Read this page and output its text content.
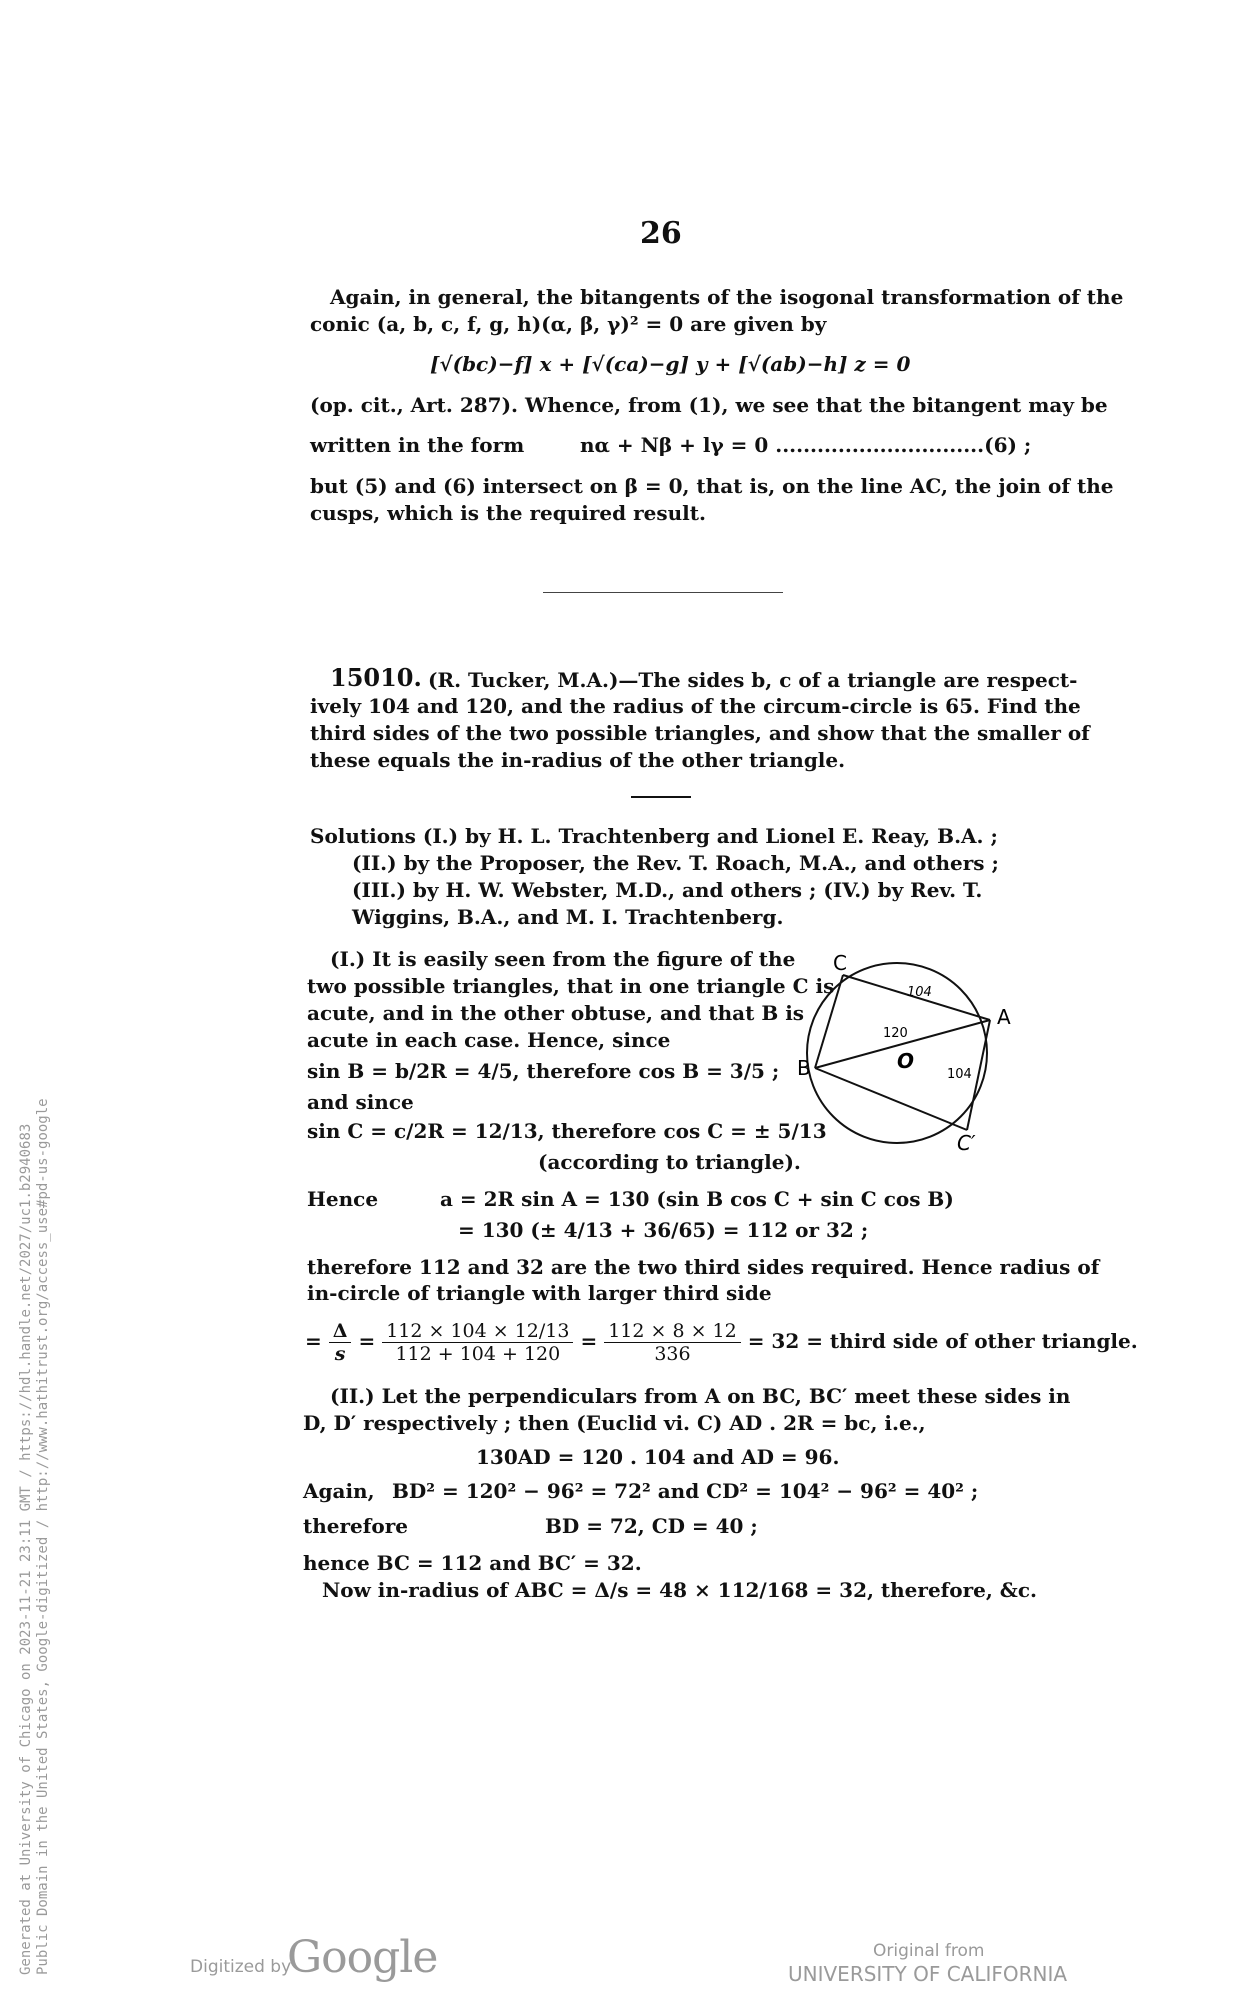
26
Again, in general, the bitangents of the isogonal transformation of the
conic (a, b, c, f, g, h)(α, β, γ)² = 0 are given by
[√(bc)−f] x + [√(ca)−g] y + [√(ab)−h] z = 0
(op. cit., Art. 287). Whence, from (1), we see that the bitangent may be
written in the form	nα + Nβ + lγ = 0 ..............................(6) ;
but (5) and (6) intersect on β = 0, that is, on the line AC, the join of the
cusps, which is the required result.
15010. (R. Tucker, M.A.)—The sides b, c of a triangle are respect-
ively 104 and 120, and the radius of the circum-circle is 65. Find the
third sides of the two possible triangles, and show that the smaller of
these equals the in-radius of the other triangle.
Solutions (I.) by H. L. Trachtenberg and Lionel E. Reay, B.A. ;
(II.) by the Proposer, the Rev. T. Roach, M.A., and others ;
(III.) by H. W. Webster, M.D., and others ; (IV.) by Rev. T.
Wiggins, B.A., and M. I. Trachtenberg.
(I.) It is easily seen from the figure of the
two possible triangles, that in one triangle C is
acute, and in the other obtuse, and that B is
acute in each case. Hence, since
sin B = b/2R = 4/5, therefore cos B = 3/5 ;
and since
sin C = c/2R = 12/13, therefore cos C = ± 5/13
(according to triangle).
C
A
B	O
C′
104
120
104
Hence	a = 2R sin A = 130 (sin B cos C + sin C cos B)
= 130 (± 4/13 + 36/65) = 112 or 32 ;
therefore 112 and 32 are the two third sides required. Hence radius of
in-circle of triangle with larger third side
= $\frac{\Delta}{s} = \frac{112 \times 104 \times 12/13}{112 + 104 + 120} = \frac{112 \times 8 \times 12}{336} = 32$ = third side of other triangle.
(II.) Let the perpendiculars from A on BC, BC′ meet these sides in
D, D′ respectively ; then (Euclid vi. C) AD . 2R = bc, i.e.,
130AD = 120 . 104 and AD = 96.
Again, BD² = 120² − 96² = 72² and CD² = 104² − 96² = 40² ;
therefore	BD = 72, CD = 40 ;
hence BC = 112 and BC′ = 32.
Now in-radius of ABC = Δ/s = 48 × 112/168 = 32, therefore, &c.
Generated at University of Chicago on 2023-11-21 23:11 GMT / https://hdl.handle.net/2027/uc1.b2940683 Public Domain in the United States, Google-digitized / http://www.hathitrust.org/access_use#pd-us-google	Digitized by
Google	Original from
UNIVERSITY OF CALIFORNIA
